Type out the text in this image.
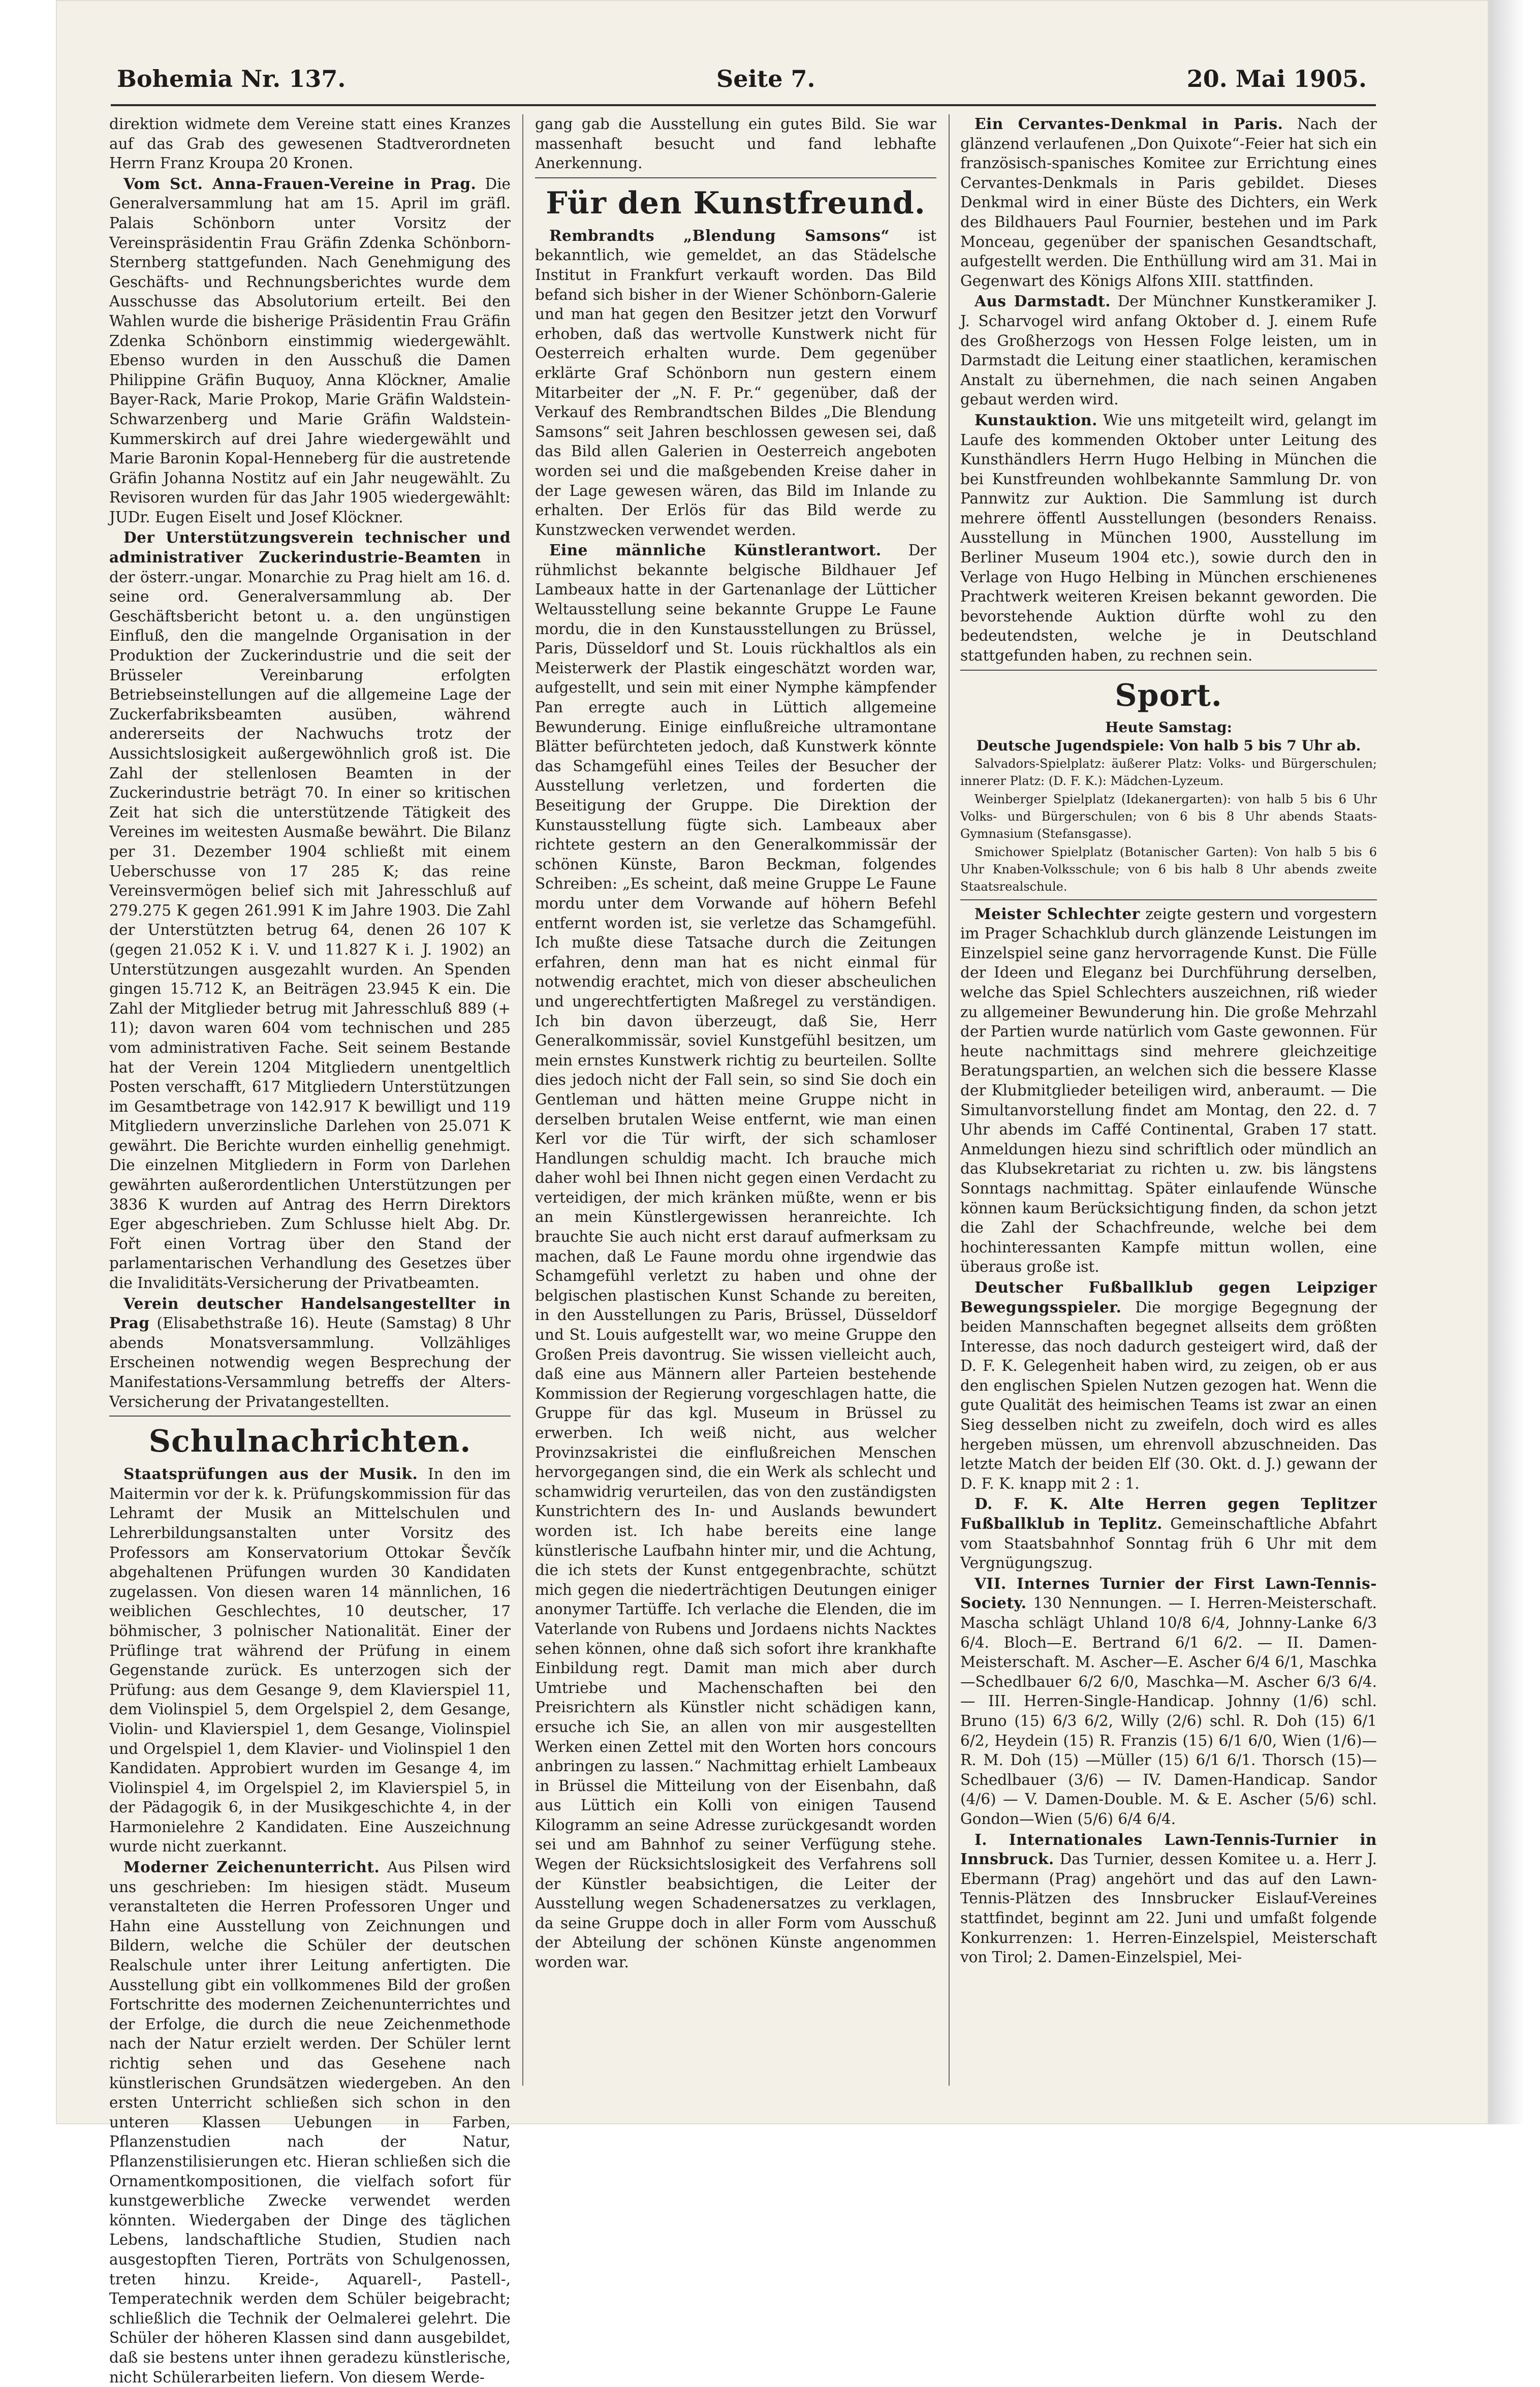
Bohemia Nr. 137.	Seite 7.	20. Mai 1905.

direktion widmete dem Vereine statt eines Kranzes auf das Grab des gewesenen Stadtverordneten Herrn Franz Kroupa 20 Kronen.

Vom Sct. Anna-Frauen-Vereine in Prag. Die Generalversammlung hat am 15. April im gräfl. Palais Schönborn unter Vorsitz der Vereinspräsidentin Frau Gräfin Zdenka Schönborn-Sternberg stattgefunden. Nach Genehmigung des Geschäfts- und Rechnungsberichtes wurde dem Ausschusse das Absolutorium erteilt. Bei den Wahlen wurde die bisherige Präsidentin Frau Gräfin Zdenka Schönborn einstimmig wiedergewählt. Ebenso wurden in den Ausschuß die Damen Philippine Gräfin Buquoy, Anna Klöckner, Amalie Bayer-Rack, Marie Prokop, Marie Gräfin Waldstein-Schwarzenberg und Marie Gräfin Waldstein-Kummerskirch auf drei Jahre wiedergewählt und Marie Baronin Kopal-Henneberg für die austretende Gräfin Johanna Nostitz auf ein Jahr neugewählt. Zu Revisoren wurden für das Jahr 1905 wiedergewählt: JUDr. Eugen Eiselt und Josef Klöckner.

Der Unterstützungsverein technischer und administrativer Zuckerindustrie-Beamten in der österr.-ungar. Monarchie zu Prag hielt am 16. d. seine ord. Generalversammlung ab. Der Geschäftsbericht betont u. a. den ungünstigen Einfluß, den die mangelnde Organisation in der Produktion der Zuckerindustrie und die seit der Brüsseler Vereinbarung erfolgten Betriebseinstellungen auf die allgemeine Lage der Zuckerfabriksbeamten ausüben, während andererseits der Nachwuchs trotz der Aussichtslosigkeit außergewöhnlich groß ist. Die Zahl der stellenlosen Beamten in der Zuckerindustrie beträgt 70. In einer so kritischen Zeit hat sich die unterstützende Tätigkeit des Vereines im weitesten Ausmaße bewährt. Die Bilanz per 31. Dezember 1904 schließt mit einem Ueberschusse von 17 285 K; das reine Vereinsvermögen belief sich mit Jahresschluß auf 279.275 K gegen 261.991 K im Jahre 1903. Die Zahl der Unterstützten betrug 64, denen 26 107 K (gegen 21.052 K i. V. und 11.827 K i. J. 1902) an Unterstützungen ausgezahlt wurden. An Spenden gingen 15.712 K, an Beiträgen 23.945 K ein. Die Zahl der Mitglieder betrug mit Jahresschluß 889 (+ 11); davon waren 604 vom technischen und 285 vom administrativen Fache. Seit seinem Bestande hat der Verein 1204 Mitgliedern unentgeltlich Posten verschafft, 617 Mitgliedern Unterstützungen im Gesamtbetrage von 142.917 K bewilligt und 119 Mitgliedern unverzinsliche Darlehen von 25.071 K gewährt. Die Berichte wurden einhellig genehmigt. Die einzelnen Mitgliedern in Form von Darlehen gewährten außerordentlichen Unterstützungen per 3836 K wurden auf Antrag des Herrn Direktors Eger abgeschrieben. Zum Schlusse hielt Abg. Dr. Fořt einen Vortrag über den Stand der parlamentarischen Verhandlung des Gesetzes über die Invaliditäts-Versicherung der Privatbeamten.

Verein deutscher Handelsangestellter in Prag (Elisabethstraße 16). Heute (Samstag) 8 Uhr abends Monatsversammlung. Vollzähliges Erscheinen notwendig wegen Besprechung der Manifestations-Versammlung betreffs der Alters-Versicherung der Privatangestellten.

Schulnachrichten.

Staatsprüfungen aus der Musik. In den im Maitermin vor der k. k. Prüfungskommission für das Lehramt der Musik an Mittelschulen und Lehrerbildungsanstalten unter Vorsitz des Professors am Konservatorium Ottokar Ševčík abgehaltenen Prüfungen wurden 30 Kandidaten zugelassen. Von diesen waren 14 männlichen, 16 weiblichen Geschlechtes, 10 deutscher, 17 böhmischer, 3 polnischer Nationalität. Einer der Prüflinge trat während der Prüfung in einem Gegenstande zurück. Es unterzogen sich der Prüfung: aus dem Gesange 9, dem Klavierspiel 11, dem Violinspiel 5, dem Orgelspiel 2, dem Gesange, Violin- und Klavierspiel 1, dem Gesange, Violinspiel und Orgelspiel 1, dem Klavier- und Violinspiel 1 den Kandidaten. Approbiert wurden im Gesange 4, im Violinspiel 4, im Orgelspiel 2, im Klavierspiel 5, in der Pädagogik 6, in der Musikgeschichte 4, in der Harmonielehre 2 Kandidaten. Eine Auszeichnung wurde nicht zuerkannt.

Moderner Zeichenunterricht. Aus Pilsen wird uns geschrieben: Im hiesigen städt. Museum veranstalteten die Herren Professoren Unger und Hahn eine Ausstellung von Zeichnungen und Bildern, welche die Schüler der deutschen Realschule unter ihrer Leitung anfertigten. Die Ausstellung gibt ein vollkommenes Bild der großen Fortschritte des modernen Zeichenunterrichtes und der Erfolge, die durch die neue Zeichenmethode nach der Natur erzielt werden. Der Schüler lernt richtig sehen und das Gesehene nach künstlerischen Grundsätzen wiedergeben. An den ersten Unterricht schließen sich schon in den unteren Klassen Uebungen in Farben, Pflanzenstudien nach der Natur, Pflanzenstilisierungen etc. Hieran schließen sich die Ornamentkompositionen, die vielfach sofort für kunstgewerbliche Zwecke verwendet werden könnten. Wiedergaben der Dinge des täglichen Lebens, landschaftliche Studien, Studien nach ausgestopften Tieren, Porträts von Schulgenossen, treten hinzu. Kreide-, Aquarell-, Pastell-, Temperatechnik werden dem Schüler beigebracht; schließlich die Technik der Oelmalerei gelehrt. Die Schüler der höheren Klassen sind dann ausgebildet, daß sie bestens unter ihnen geradezu künstlerische, nicht Schülerarbeiten liefern. Von diesem Werde-

gang gab die Ausstellung ein gutes Bild. Sie war massenhaft besucht und fand lebhafte Anerkennung.

Für den Kunstfreund.

Rembrandts „Blendung Samsons“ ist bekanntlich, wie gemeldet, an das Städelsche Institut in Frankfurt verkauft worden. Das Bild befand sich bisher in der Wiener Schönborn-Galerie und man hat gegen den Besitzer jetzt den Vorwurf erhoben, daß das wertvolle Kunstwerk nicht für Oesterreich erhalten wurde. Dem gegenüber erklärte Graf Schönborn nun gestern einem Mitarbeiter der „N. F. Pr.“ gegenüber, daß der Verkauf des Rembrandtschen Bildes „Die Blendung Samsons“ seit Jahren beschlossen gewesen sei, daß das Bild allen Galerien in Oesterreich angeboten worden sei und die maßgebenden Kreise daher in der Lage gewesen wären, das Bild im Inlande zu erhalten. Der Erlös für das Bild werde zu Kunstzwecken verwendet werden.

Eine männliche Künstlerantwort. Der rühmlichst bekannte belgische Bildhauer Jef Lambeaux hatte in der Gartenanlage der Lütticher Weltausstellung seine bekannte Gruppe Le Faune mordu, die in den Kunstausstellungen zu Brüssel, Paris, Düsseldorf und St. Louis rückhaltlos als ein Meisterwerk der Plastik eingeschätzt worden war, aufgestellt, und sein mit einer Nymphe kämpfender Pan erregte auch in Lüttich allgemeine Bewunderung. Einige einflußreiche ultramontane Blätter befürchteten jedoch, daß Kunstwerk könnte das Schamgefühl eines Teiles der Besucher der Ausstellung verletzen, und forderten die Beseitigung der Gruppe. Die Direktion der Kunstausstellung fügte sich. Lambeaux aber richtete gestern an den Generalkommissär der schönen Künste, Baron Beckman, folgendes Schreiben: „Es scheint, daß meine Gruppe Le Faune mordu unter dem Vorwande auf höhern Befehl entfernt worden ist, sie verletze das Schamgefühl. Ich mußte diese Tatsache durch die Zeitungen erfahren, denn man hat es nicht einmal für notwendig erachtet, mich von dieser abscheulichen und ungerechtfertigten Maßregel zu verständigen. Ich bin davon überzeugt, daß Sie, Herr Generalkommissär, soviel Kunstgefühl besitzen, um mein ernstes Kunstwerk richtig zu beurteilen. Sollte dies jedoch nicht der Fall sein, so sind Sie doch ein Gentleman und hätten meine Gruppe nicht in derselben brutalen Weise entfernt, wie man einen Kerl vor die Tür wirft, der sich schamloser Handlungen schuldig macht. Ich brauche mich daher wohl bei Ihnen nicht gegen einen Verdacht zu verteidigen, der mich kränken müßte, wenn er bis an mein Künstlergewissen heranreichte. Ich brauchte Sie auch nicht erst darauf aufmerksam zu machen, daß Le Faune mordu ohne irgendwie das Schamgefühl verletzt zu haben und ohne der belgischen plastischen Kunst Schande zu bereiten, in den Ausstellungen zu Paris, Brüssel, Düsseldorf und St. Louis aufgestellt war, wo meine Gruppe den Großen Preis davontrug. Sie wissen vielleicht auch, daß eine aus Männern aller Parteien bestehende Kommission der Regierung vorgeschlagen hatte, die Gruppe für das kgl. Museum in Brüssel zu erwerben. Ich weiß nicht, aus welcher Provinzsakristei die einflußreichen Menschen hervorgegangen sind, die ein Werk als schlecht und schamwidrig verurteilen, das von den zuständigsten Kunstrichtern des In- und Auslands bewundert worden ist. Ich habe bereits eine lange künstlerische Laufbahn hinter mir, und die Achtung, die ich stets der Kunst entgegenbrachte, schützt mich gegen die niederträchtigen Deutungen einiger anonymer Tartüffe. Ich verlache die Elenden, die im Vaterlande von Rubens und Jordaens nichts Nacktes sehen können, ohne daß sich sofort ihre krankhafte Einbildung regt. Damit man mich aber durch Umtriebe und Machenschaften bei den Preisrichtern als Künstler nicht schädigen kann, ersuche ich Sie, an allen von mir ausgestellten Werken einen Zettel mit den Worten hors concours anbringen zu lassen.“ Nachmittag erhielt Lambeaux in Brüssel die Mitteilung von der Eisenbahn, daß aus Lüttich ein Kolli von einigen Tausend Kilogramm an seine Adresse zurückgesandt worden sei und am Bahnhof zu seiner Verfügung stehe. Wegen der Rücksichtslosigkeit des Verfahrens soll der Künstler beabsichtigen, die Leiter der Ausstellung wegen Schadenersatzes zu verklagen, da seine Gruppe doch in aller Form vom Ausschuß der Abteilung der schönen Künste angenommen worden war.

Ein Cervantes-Denkmal in Paris. Nach der glänzend verlaufenen „Don Quixote“-Feier hat sich ein französisch-spanisches Komitee zur Errichtung eines Cervantes-Denkmals in Paris gebildet. Dieses Denkmal wird in einer Büste des Dichters, ein Werk des Bildhauers Paul Fournier, bestehen und im Park Monceau, gegenüber der spanischen Gesandtschaft, aufgestellt werden. Die Enthüllung wird am 31. Mai in Gegenwart des Königs Alfons XIII. stattfinden.

Aus Darmstadt. Der Münchner Kunstkeramiker J. J. Scharvogel wird anfang Oktober d. J. einem Rufe des Großherzogs von Hessen Folge leisten, um in Darmstadt die Leitung einer staatlichen, keramischen Anstalt zu übernehmen, die nach seinen Angaben gebaut werden wird.

Kunstauktion. Wie uns mitgeteilt wird, gelangt im Laufe des kommenden Oktober unter Leitung des Kunsthändlers Herrn Hugo Helbing in München die bei Kunstfreunden wohlbekannte Sammlung Dr. von Pannwitz zur Auktion. Die Sammlung ist durch mehrere öffentl Ausstellungen (besonders Renaiss. Ausstellung in München 1900, Ausstellung im Berliner Museum 1904 etc.), sowie durch den in Verlage von Hugo Helbing in München erschienenes Prachtwerk weiteren Kreisen bekannt geworden. Die bevorstehende Auktion dürfte wohl zu den bedeutendsten, welche je in Deutschland stattgefunden haben, zu rechnen sein.

Sport.
Heute Samstag:
Deutsche Jugendspiele: Von halb 5 bis 7 Uhr ab.

Salvadors-Spielplatz: äußerer Platz: Volks- und Bürgerschulen; innerer Platz: (D. F. K.): Mädchen-Lyzeum.

Weinberger Spielplatz (Idekanergarten): von halb 5 bis 6 Uhr Volks- und Bürgerschulen; von 6 bis 8 Uhr abends Staats-Gymnasium (Stefansgasse).

Smichower Spielplatz (Botanischer Garten): Von halb 5 bis 6 Uhr Knaben-Volksschule; von 6 bis halb 8 Uhr abends zweite Staatsrealschule.

Meister Schlechter zeigte gestern und vorgestern im Prager Schachklub durch glänzende Leistungen im Einzelspiel seine ganz hervorragende Kunst. Die Fülle der Ideen und Eleganz bei Durchführung derselben, welche das Spiel Schlechters auszeichnen, riß wieder zu allgemeiner Bewunderung hin. Die große Mehrzahl der Partien wurde natürlich vom Gaste gewonnen. Für heute nachmittags sind mehrere gleichzeitige Beratungspartien, an welchen sich die bessere Klasse der Klubmitglieder beteiligen wird, anberaumt. — Die Simultanvorstellung findet am Montag, den 22. d. 7 Uhr abends im Caffé Continental, Graben 17 statt. Anmeldungen hiezu sind schriftlich oder mündlich an das Klubsekretariat zu richten u. zw. bis längstens Sonntags nachmittag. Später einlaufende Wünsche können kaum Berücksichtigung finden, da schon jetzt die Zahl der Schachfreunde, welche bei dem hochinteressanten Kampfe mittun wollen, eine überaus große ist.

Deutscher Fußballklub gegen Leipziger Bewegungsspieler. Die morgige Begegnung der beiden Mannschaften begegnet allseits dem größten Interesse, das noch dadurch gesteigert wird, daß der D. F. K. Gelegenheit haben wird, zu zeigen, ob er aus den englischen Spielen Nutzen gezogen hat. Wenn die gute Qualität des heimischen Teams ist zwar an einen Sieg desselben nicht zu zweifeln, doch wird es alles hergeben müssen, um ehrenvoll abzuschneiden. Das letzte Match der beiden Elf (30. Okt. d. J.) gewann der D. F. K. knapp mit 2 : 1.

D. F. K. Alte Herren gegen Teplitzer Fußballklub in Teplitz. Gemeinschaftliche Abfahrt vom Staatsbahnhof Sonntag früh 6 Uhr mit dem Vergnügungszug.

VII. Internes Turnier der First Lawn-Tennis-Society. 130 Nennungen. — I. Herren-Meisterschaft. Mascha schlägt Uhland 10/8 6/4, Johnny-Lanke 6/3 6/4. Bloch—E. Bertrand 6/1 6/2. — II. Damen-Meisterschaft. M. Ascher—E. Ascher 6/4 6/1, Maschka—Schedlbauer 6/2 6/0, Maschka—M. Ascher 6/3 6/4. — III. Herren-Single-Handicap. Johnny (1/6) schl. Bruno (15) 6/3 6/2, Willy (2/6) schl. R. Doh (15) 6/1 6/2, Heydein (15) R. Franzis (15) 6/1 6/0, Wien (1/6)—R. M. Doh (15) —Müller (15) 6/1 6/1. Thorsch (15)—Schedlbauer (3/6) — IV. Damen-Handicap. Sandor (4/6) — V. Damen-Double. M. & E. Ascher (5/6) schl. Gondon—Wien (5/6) 6/4 6/4.

I. Internationales Lawn-Tennis-Turnier in Innsbruck. Das Turnier, dessen Komitee u. a. Herr J. Ebermann (Prag) angehört und das auf den Lawn-Tennis-Plätzen des Innsbrucker Eislauf-Vereines stattfindet, beginnt am 22. Juni und umfaßt folgende Konkurrenzen: 1. Herren-Einzelspiel, Meisterschaft von Tirol; 2. Damen-Einzelspiel, Mei-
